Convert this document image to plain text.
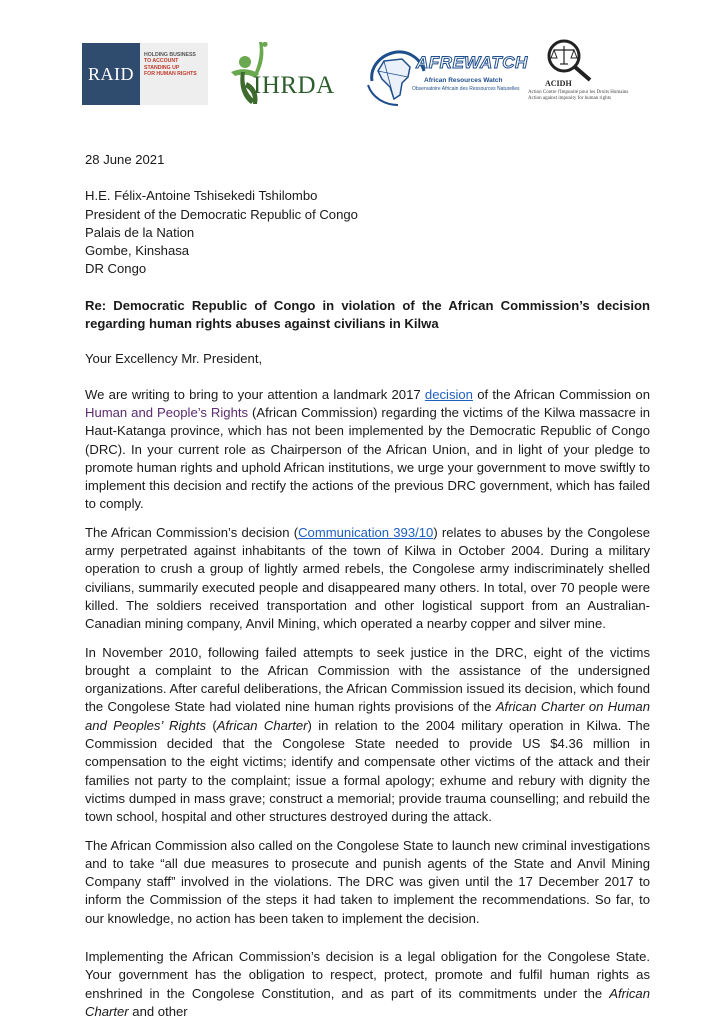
RAID
HOLDING BUSINESS
TO ACCOUNT
STANDING UP
FOR HUMAN RIGHTS	IHRDA
AFREWATCH
African Resources Watch
Observatoire Africain des Ressources Naturelles
ACIDH
Action Contre l'Impunité pour les Droits Humains
Action against impunity for human rights

28 June 2021

H.E. Félix-Antoine Tshisekedi Tshilombo
President of the Democratic Republic of Congo
Palais de la Nation
Gombe, Kinshasa
DR Congo

Re: Democratic Republic of Congo in violation of the African Commission’s decision regarding human rights abuses against civilians in Kilwa

Your Excellency Mr. President,

We are writing to bring to your attention a landmark 2017 decision of the African Commission on Human and People’s Rights (African Commission) regarding the victims of the Kilwa massacre in Haut-Katanga province, which has not been implemented by the Democratic Republic of Congo (DRC). In your current role as Chairperson of the African Union, and in light of your pledge to promote human rights and uphold African institutions, we urge your government to move swiftly to implement this decision and rectify the actions of the previous DRC government, which has failed to comply.

The African Commission’s decision (Communication 393/10) relates to abuses by the Congolese army perpetrated against inhabitants of the town of Kilwa in October 2004. During a military operation to crush a group of lightly armed rebels, the Congolese army indiscriminately shelled civilians, summarily executed people and disappeared many others. In total, over 70 people were killed. The soldiers received transportation and other logistical support from an Australian-Canadian mining company, Anvil Mining, which operated a nearby copper and silver mine.

In November 2010, following failed attempts to seek justice in the DRC, eight of the victims brought a complaint to the African Commission with the assistance of the undersigned organizations. After careful deliberations, the African Commission issued its decision, which found the Congolese State had violated nine human rights provisions of the African Charter on Human and Peoples’ Rights (African Charter) in relation to the 2004 military operation in Kilwa. The Commission decided that the Congolese State needed to provide US $4.36 million in compensation to the eight victims; identify and compensate other victims of the attack and their families not party to the complaint; issue a formal apology; exhume and rebury with dignity the victims dumped in mass grave; construct a memorial; provide trauma counselling; and rebuild the town school, hospital and other structures destroyed during the attack.

The African Commission also called on the Congolese State to launch new criminal investigations and to take “all due measures to prosecute and punish agents of the State and Anvil Mining Company staff” involved in the violations. The DRC was given until the 17 December 2017 to inform the Commission of the steps it had taken to implement the recommendations. So far, to our knowledge, no action has been taken to implement the decision.

Implementing the African Commission’s decision is a legal obligation for the Congolese State. Your government has the obligation to respect, protect, promote and fulfil human rights as enshrined in the Congolese Constitution, and as part of its commitments under the African Charter and other
